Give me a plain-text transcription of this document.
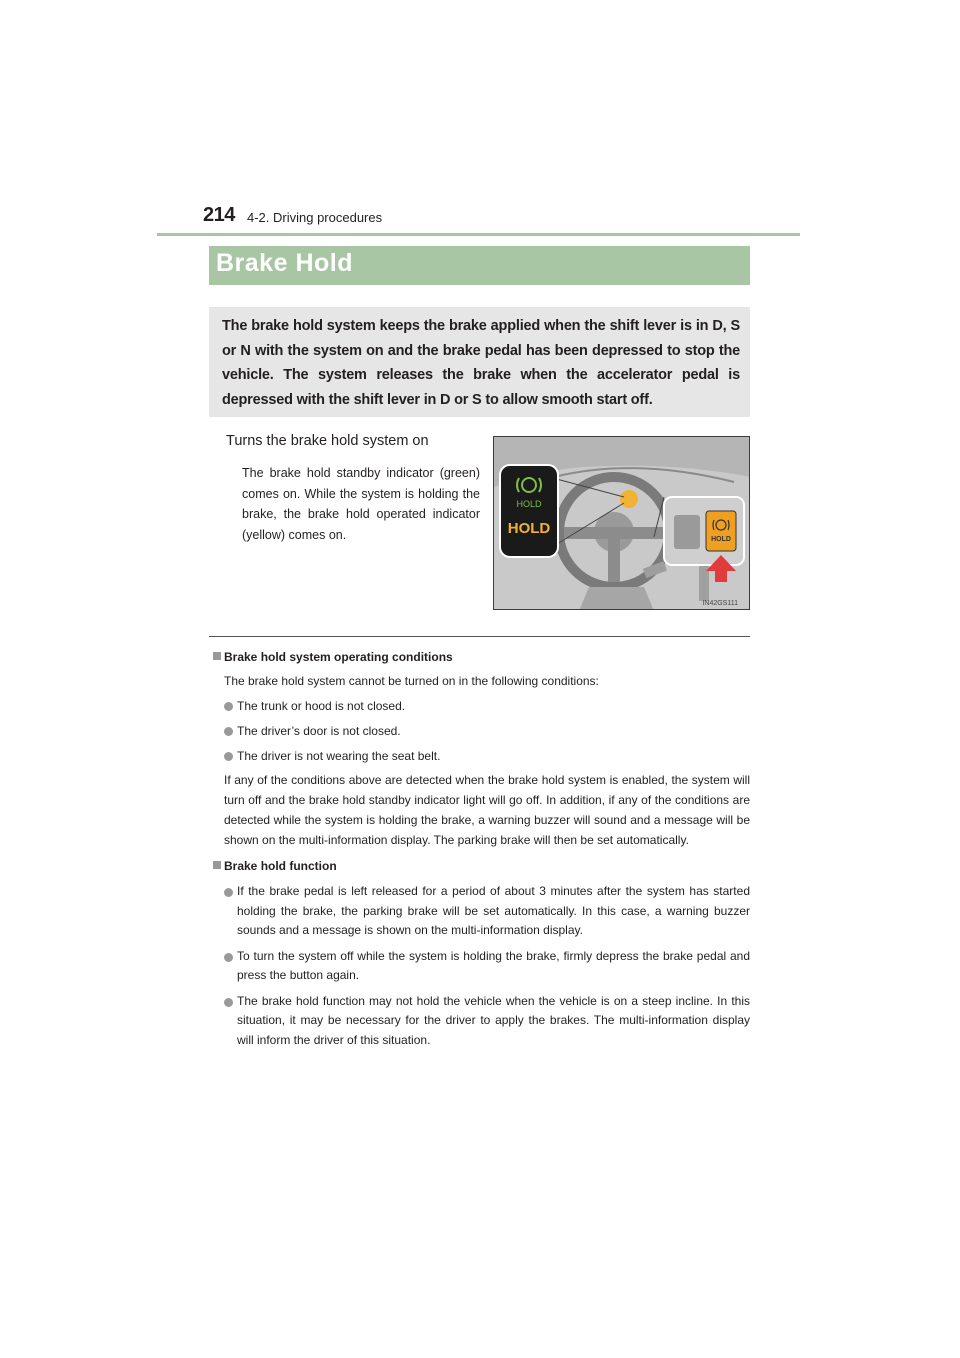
214 4-2. Driving procedures
Brake Hold

The brake hold system keeps the brake applied when the shift lever is in D, S or N with the system on and the brake pedal has been depressed to stop the vehicle. The system releases the brake when the accelerator pedal is depressed with the shift lever in D or S to allow smooth start off.

Turns the brake hold system on
The brake hold standby indicator (green) comes on. While the system is holding the brake, the brake hold operated indicator (yellow) comes on.
HOLD
HOLD
HOLD
IN42GS111
Brake hold system operating conditions
The brake hold system cannot be turned on in the following conditions:
The trunk or hood is not closed.
The driver’s door is not closed.
The driver is not wearing the seat belt.
If any of the conditions above are detected when the brake hold system is enabled, the system will turn off and the brake hold standby indicator light will go off. In addition, if any of the conditions are detected while the system is holding the brake, a warning buzzer will sound and a message will be shown on the multi-information display. The parking brake will then be set automatically.
Brake hold function
If the brake pedal is left released for a period of about 3 minutes after the system has started holding the brake, the parking brake will be set automatically. In this case, a warning buzzer sounds and a message is shown on the multi-information display.
To turn the system off while the system is holding the brake, firmly depress the brake pedal and press the button again.
The brake hold function may not hold the vehicle when the vehicle is on a steep incline. In this situation, it may be necessary for the driver to apply the brakes. The multi-information display will inform the driver of this situation.
